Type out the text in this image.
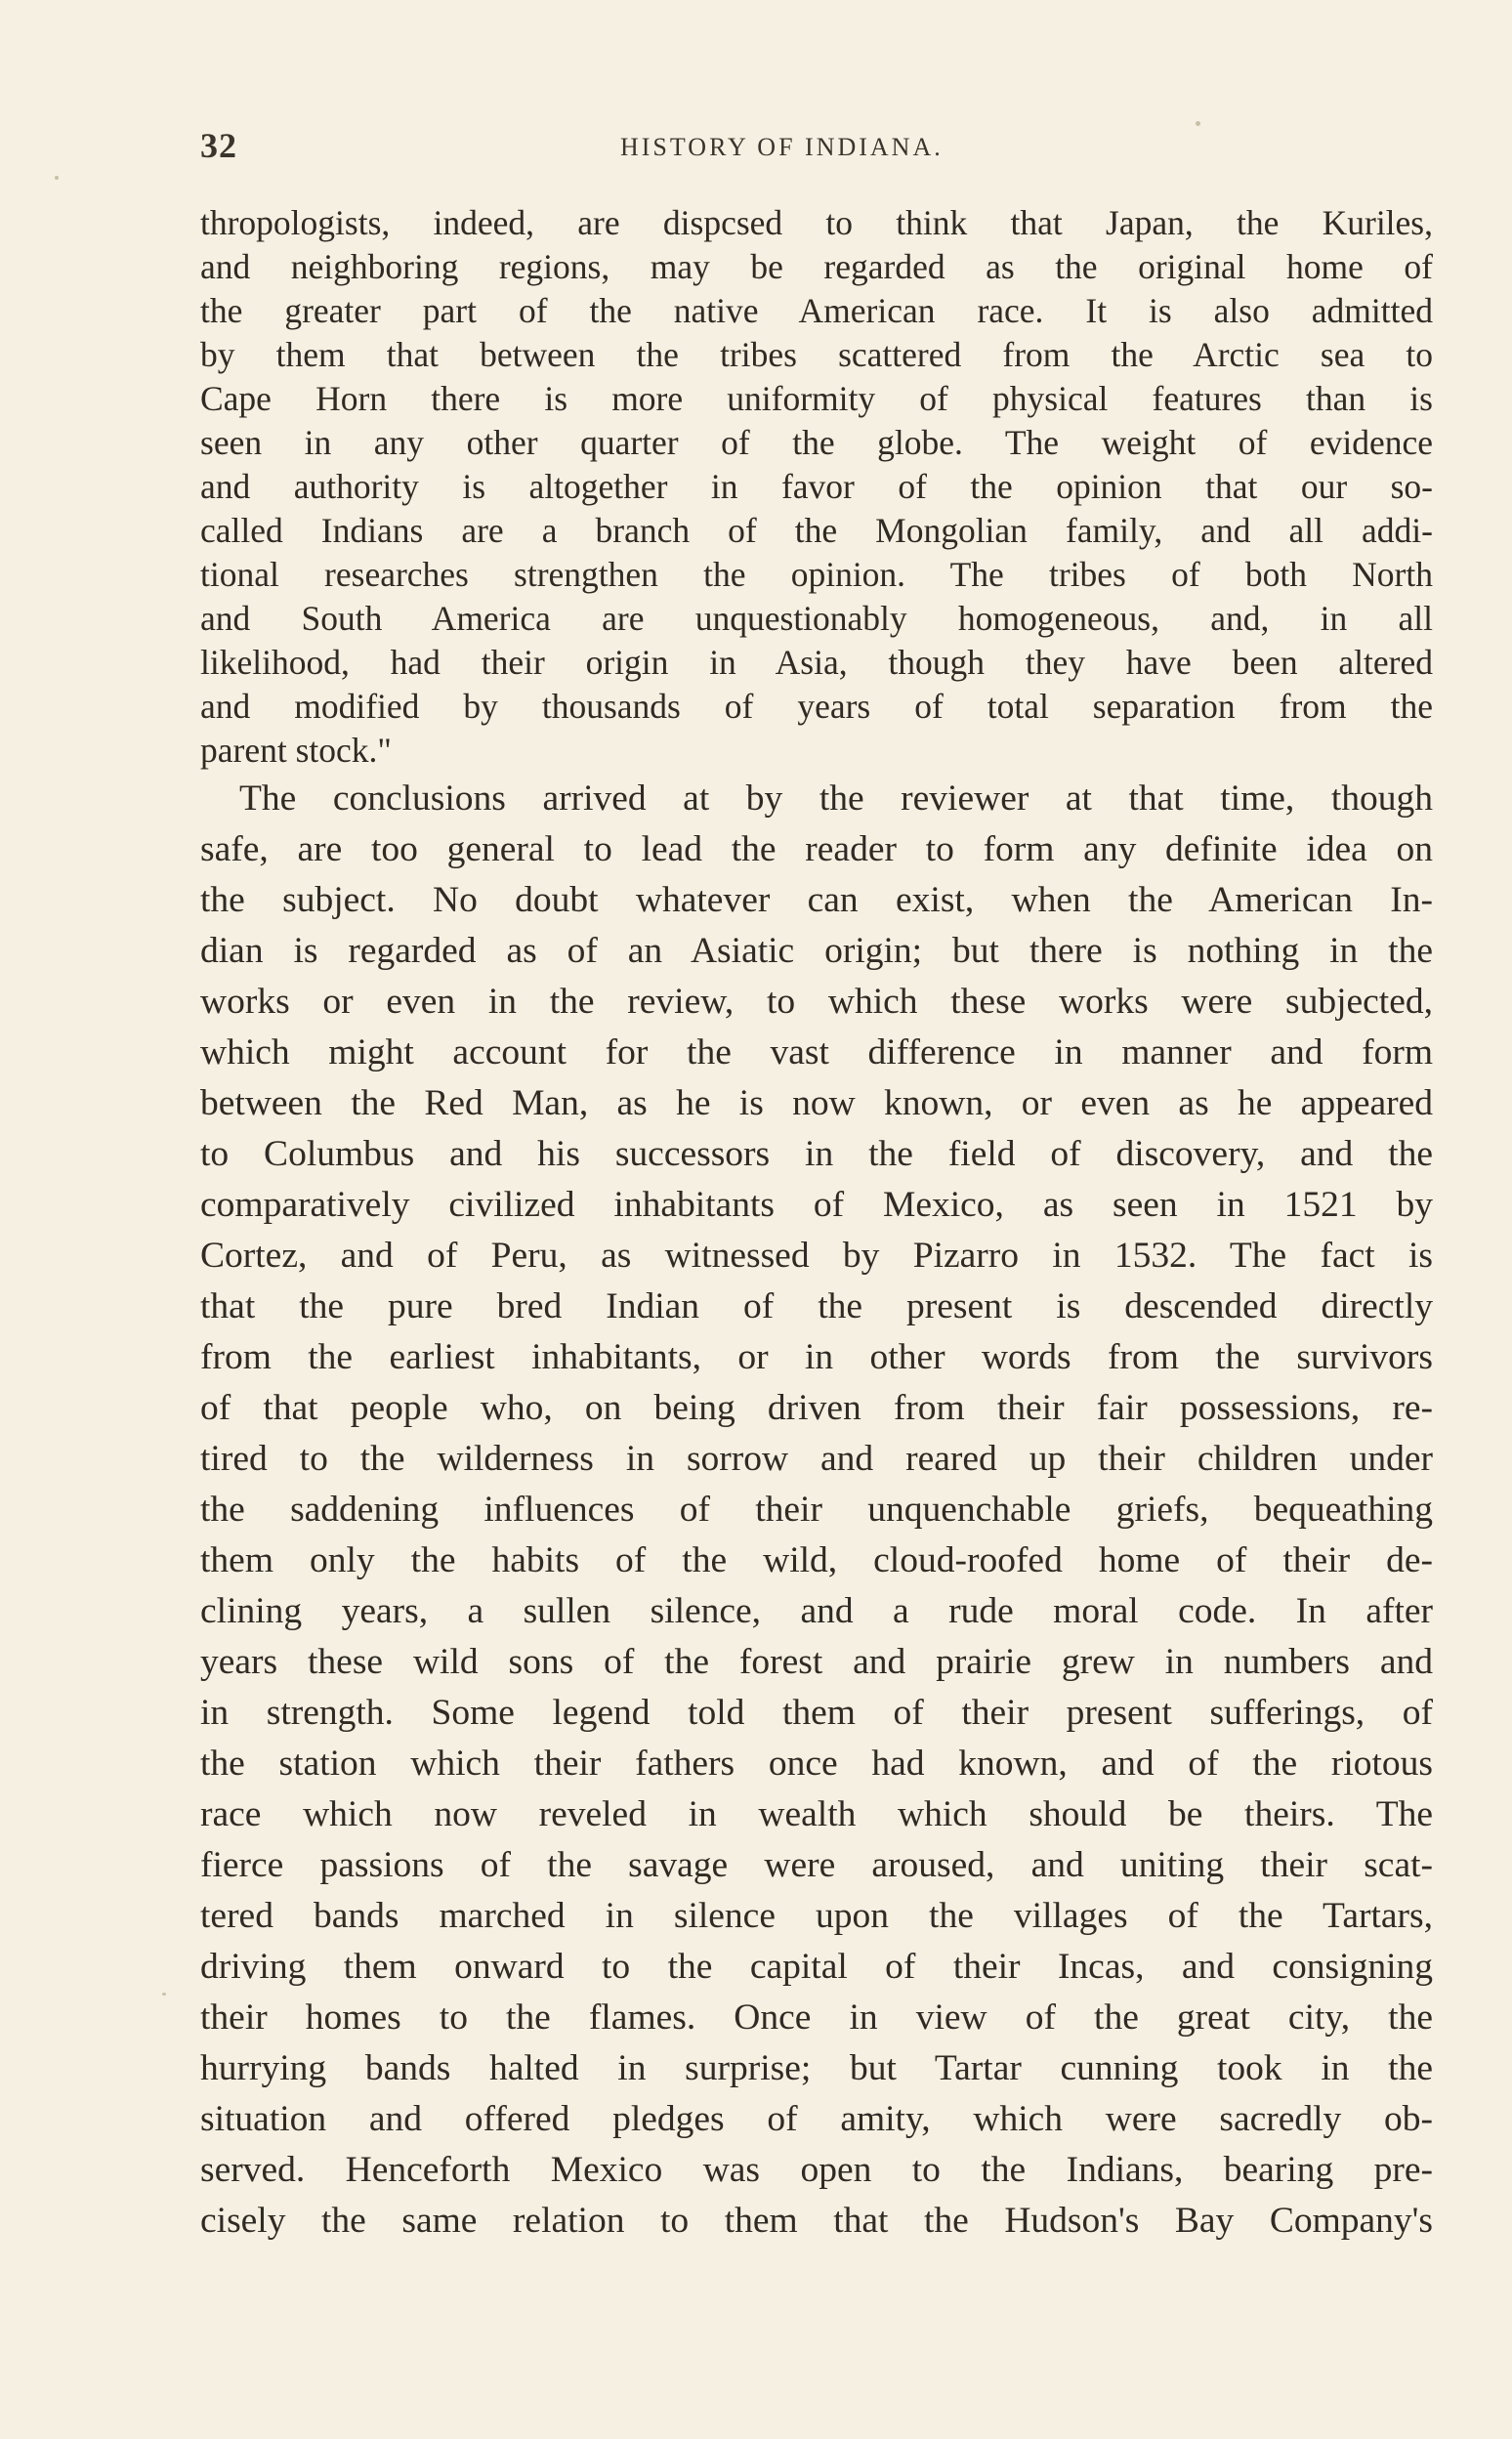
32	HISTORY OF INDIANA.
thropologists, indeed, are dispcsed to think that Japan, the Kuriles,
and neighboring regions, may be regarded as the original home of
the greater part of the native American race. It is also admitted
by them that between the tribes scattered from the Arctic sea to
Cape Horn there is more uniformity of physical features than is
seen in any other quarter of the globe. The weight of evidence
and authority is altogether in favor of the opinion that our so-
called Indians are a branch of the Mongolian family, and all addi-
tional researches strengthen the opinion. The tribes of both North
and South America are unquestionably homogeneous, and, in all
likelihood, had their origin in Asia, though they have been altered
and modified by thousands of years of total separation from the
parent stock."
The conclusions arrived at by the reviewer at that time, though
safe, are too general to lead the reader to form any definite idea on
the subject. No doubt whatever can exist, when the American In-
dian is regarded as of an Asiatic origin; but there is nothing in the
works or even in the review, to which these works were subjected,
which might account for the vast difference in manner and form
between the Red Man, as he is now known, or even as he appeared
to Columbus and his successors in the field of discovery, and the
comparatively civilized inhabitants of Mexico, as seen in 1521 by
Cortez, and of Peru, as witnessed by Pizarro in 1532. The fact is
that the pure bred Indian of the present is descended directly
from the earliest inhabitants, or in other words from the survivors
of that people who, on being driven from their fair possessions, re-
tired to the wilderness in sorrow and reared up their children under
the saddening influences of their unquenchable griefs, bequeathing
them only the habits of the wild, cloud-roofed home of their de-
clining years, a sullen silence, and a rude moral code. In after
years these wild sons of the forest and prairie grew in numbers and
in strength. Some legend told them of their present sufferings, of
the station which their fathers once had known, and of the riotous
race which now reveled in wealth which should be theirs. The
fierce passions of the savage were aroused, and uniting their scat-
tered bands marched in silence upon the villages of the Tartars,
driving them onward to the capital of their Incas, and consigning
their homes to the flames. Once in view of the great city, the
hurrying bands halted in surprise; but Tartar cunning took in the
situation and offered pledges of amity, which were sacredly ob-
served. Henceforth Mexico was open to the Indians, bearing pre-
cisely the same relation to them that the Hudson's Bay Company's
